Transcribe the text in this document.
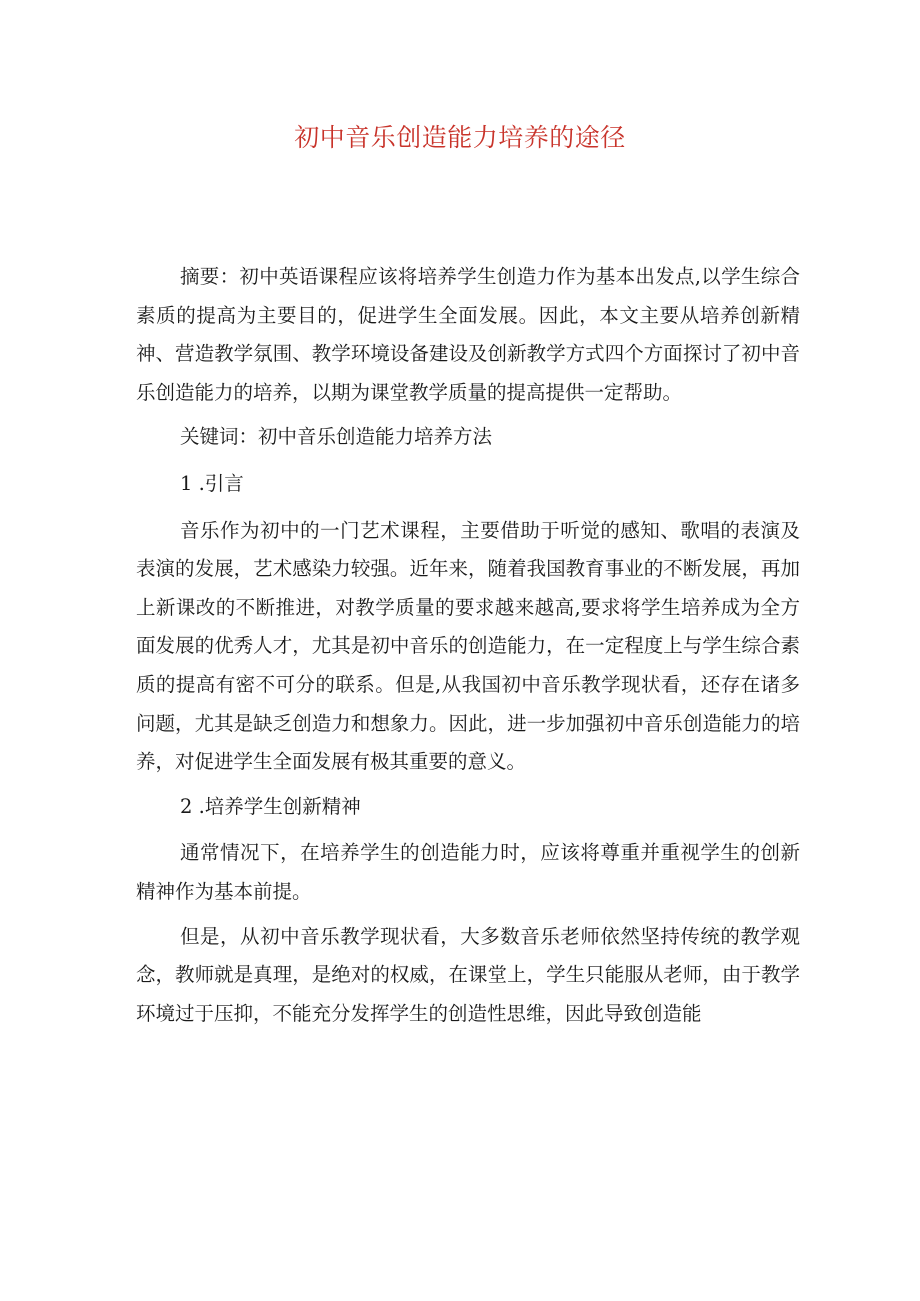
初中音乐创造能力培养的途径

摘要：初中英语课程应该将培养学生创造力作为基本出发点,以学生综合素质的提高为主要目的，促进学生全面发展。因此，本文主要从培养创新精神、营造教学氛围、教学环境设备建设及创新教学方式四个方面探讨了初中音乐创造能力的培养，以期为课堂教学质量的提高提供一定帮助。

关键词：初中音乐创造能力培养方法

1 .引言

音乐作为初中的一门艺术课程，主要借助于听觉的感知、歌唱的表演及表演的发展，艺术感染力较强。近年来，随着我国教育事业的不断发展，再加上新课改的不断推进，对教学质量的要求越来越高,要求将学生培养成为全方面发展的优秀人才，尤其是初中音乐的创造能力，在一定程度上与学生综合素质的提高有密不可分的联系。但是,从我国初中音乐教学现状看，还存在诸多问题，尤其是缺乏创造力和想象力。因此，进一步加强初中音乐创造能力的培养，对促进学生全面发展有极其重要的意义。

2 .培养学生创新精神

通常情况下，在培养学生的创造能力时，应该将尊重并重视学生的创新精神作为基本前提。

但是，从初中音乐教学现状看，大多数音乐老师依然坚持传统的教学观念，教师就是真理，是绝对的权威，在课堂上，学生只能服从老师，由于教学环境过于压抑，不能充分发挥学生的创造性思维，因此导致创造能
